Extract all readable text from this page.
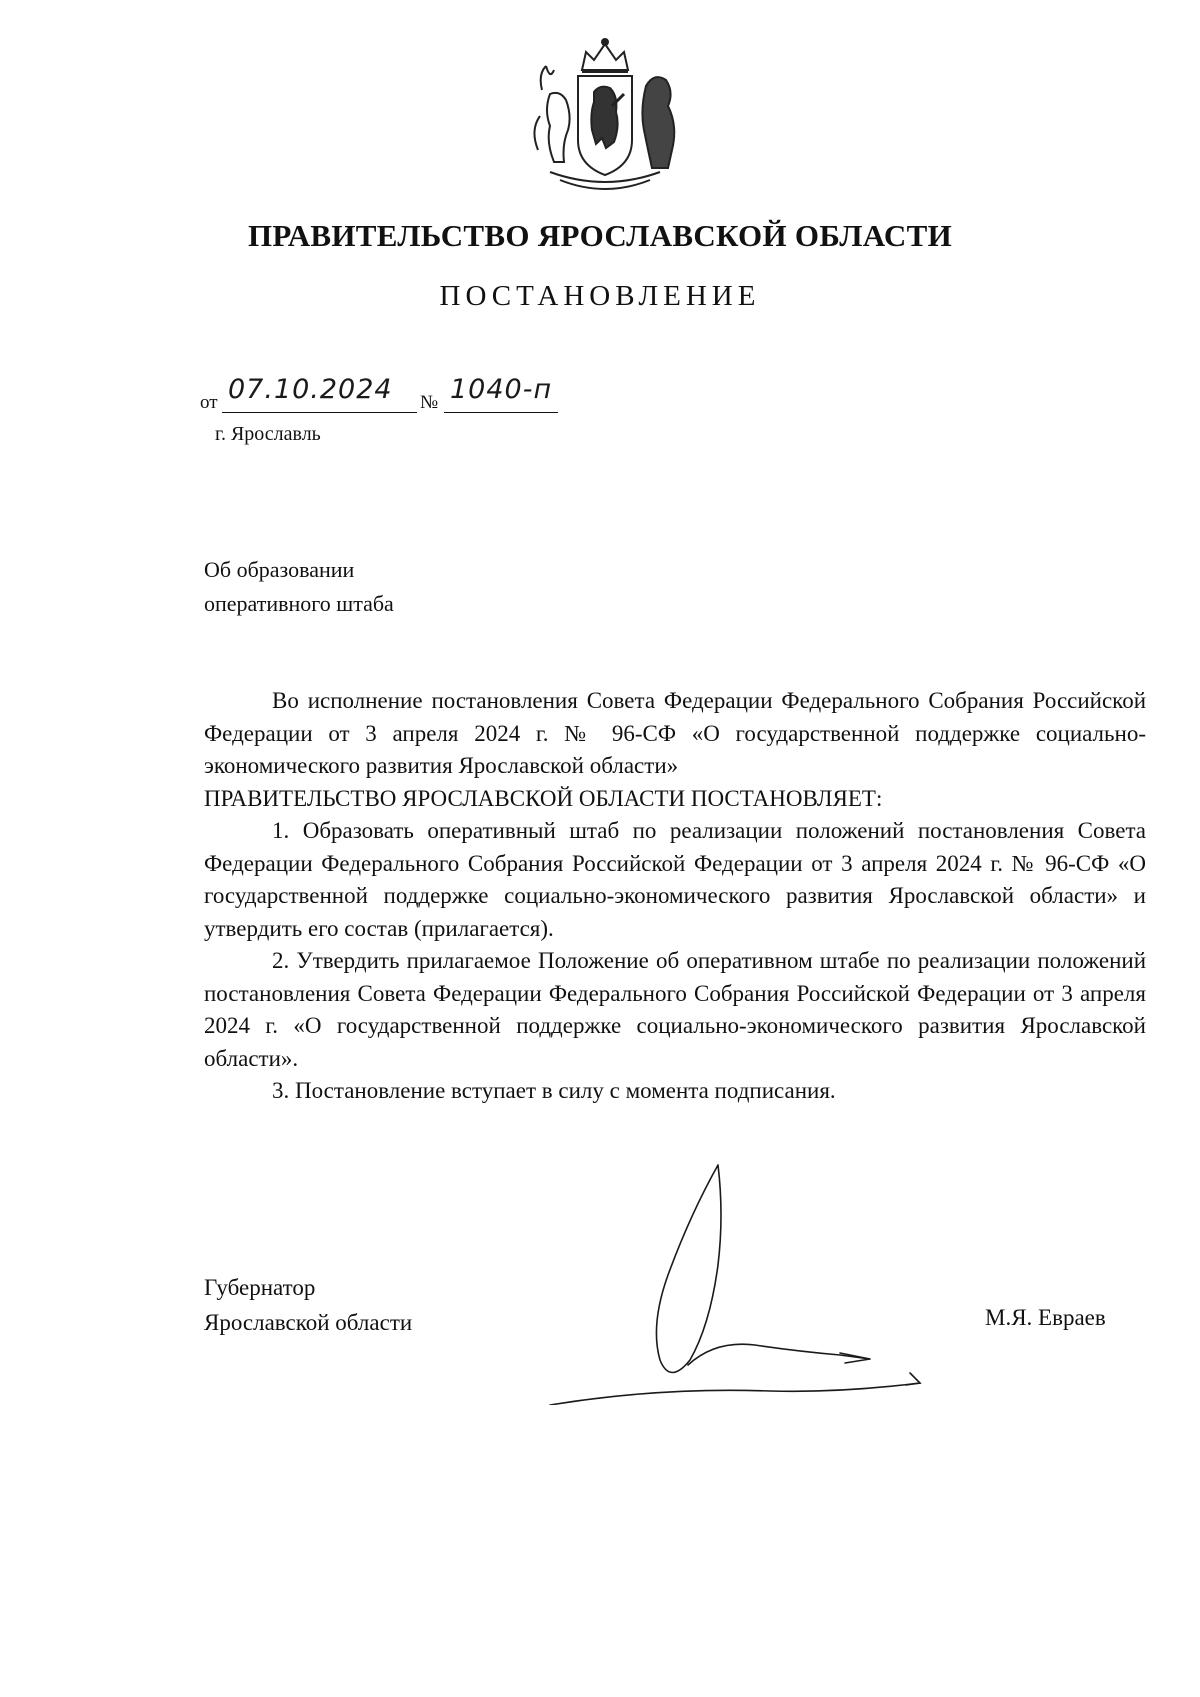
ПРАВИТЕЛЬСТВО ЯРОСЛАВСКОЙ ОБЛАСТИ
ПОСТАНОВЛЕНИЕ
от 07.10.2024 № 1040-п
г. Ярославль
Об образовании
оперативного штаба

Во исполнение постановления Совета Федерации Федерального Собрания Российской Федерации от 3 апреля 2024 г. № 96-СФ «О государственной поддержке социально-экономического развития Ярославской области»

ПРАВИТЕЛЬСТВО ЯРОСЛАВСКОЙ ОБЛАСТИ ПОСТАНОВЛЯЕТ:

1. Образовать оперативный штаб по реализации положений постановления Совета Федерации Федерального Собрания Российской Федерации от 3 апреля 2024 г. № 96-СФ «О государственной поддержке социально-экономического развития Ярославской области» и утвердить его состав (прилагается).

2. Утвердить прилагаемое Положение об оперативном штабе по реализации положений постановления Совета Федерации Федерального Собрания Российской Федерации от 3 апреля 2024 г. «О государственной поддержке социально-экономического развития Ярославской области».

3. Постановление вступает в силу с момента подписания.

Губернатор
Ярославской области	М.Я. Евраев
